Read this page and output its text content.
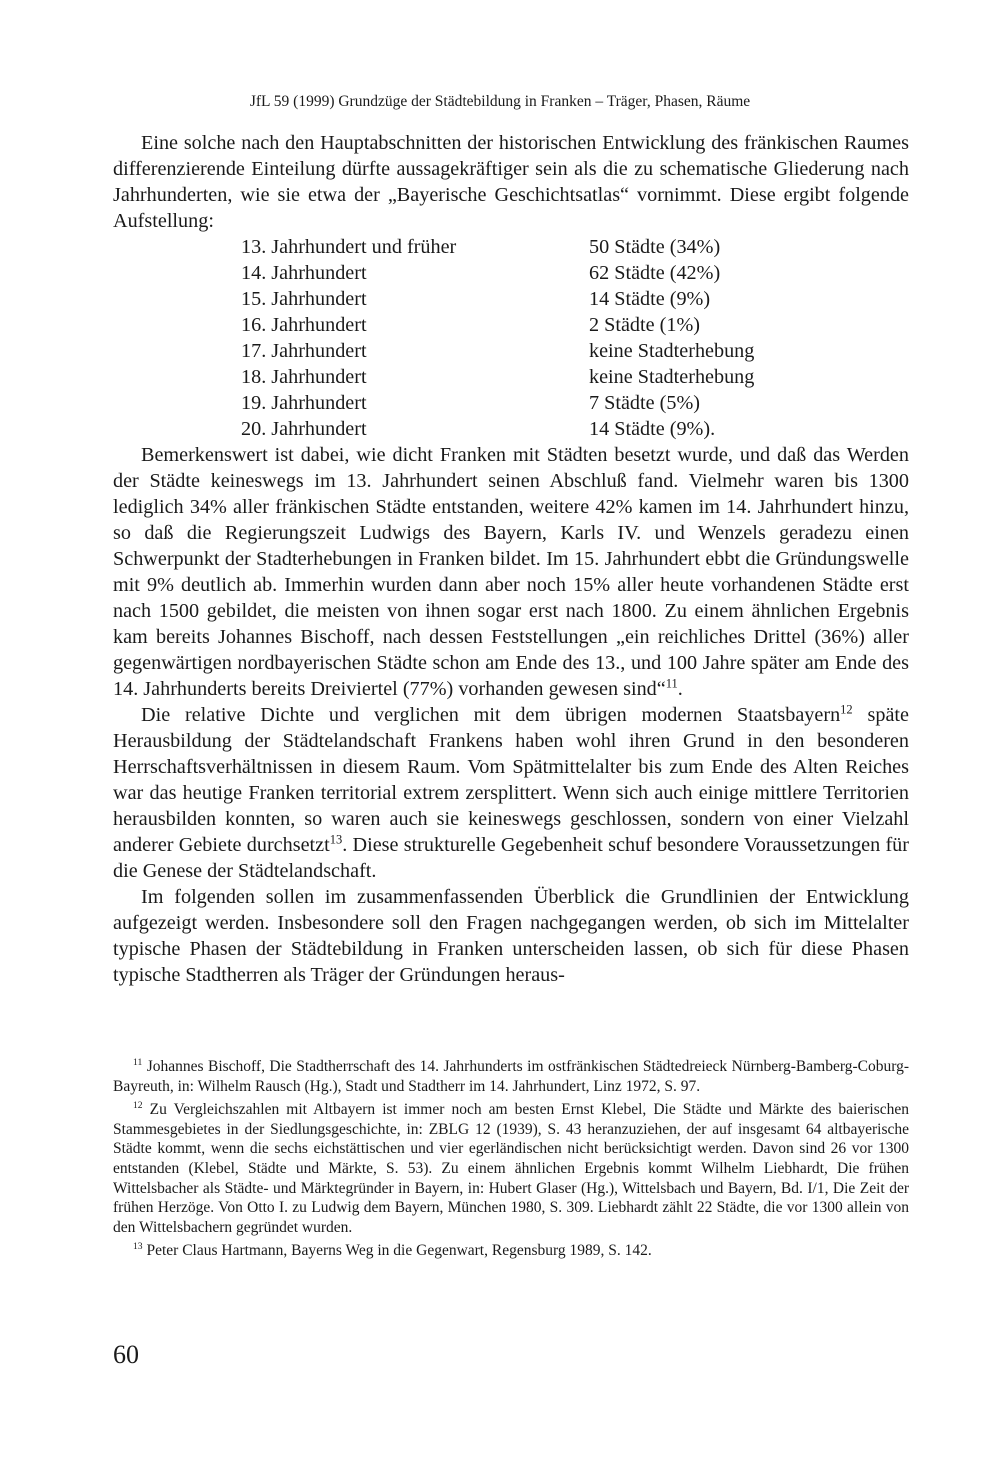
JfL 59 (1999) Grundzüge der Städtebildung in Franken – Träger, Phasen, Räume

Eine solche nach den Hauptabschnitten der historischen Entwicklung des fränkischen Raumes differenzierende Einteilung dürfte aussagekräftiger sein als die zu schematische Gliederung nach Jahrhunderten, wie sie etwa der „Bayerische Geschichtsatlas“ vornimmt. Diese ergibt folgende Aufstellung:

13. Jahrhundert und früher	50 Städte (34%)
14. Jahrhundert	62 Städte (42%)
15. Jahrhundert	14 Städte (9%)
16. Jahrhundert	2 Städte (1%)
17. Jahrhundert	keine Stadterhebung
18. Jahrhundert	keine Stadterhebung
19. Jahrhundert	7 Städte (5%)
20. Jahrhundert	14 Städte (9%).

Bemerkenswert ist dabei, wie dicht Franken mit Städten besetzt wurde, und daß das Werden der Städte keineswegs im 13. Jahrhundert seinen Abschluß fand. Vielmehr waren bis 1300 lediglich 34% aller fränkischen Städte entstanden, weitere 42% kamen im 14. Jahrhundert hinzu, so daß die Regierungszeit Ludwigs des Bayern, Karls IV. und Wenzels geradezu einen Schwerpunkt der Stadterhebungen in Franken bildet. Im 15. Jahrhundert ebbt die Gründungswelle mit 9% deutlich ab. Immerhin wurden dann aber noch 15% aller heute vorhandenen Städte erst nach 1500 gebildet, die meisten von ihnen sogar erst nach 1800. Zu einem ähnlichen Ergebnis kam bereits Johannes Bischoff, nach dessen Feststellungen „ein reichliches Drittel (36%) aller gegenwärtigen nordbayerischen Städte schon am Ende des 13., und 100 Jahre später am Ende des 14. Jahrhunderts bereits Dreiviertel (77%) vorhanden gewesen sind“$^{11}$.

Die relative Dichte und verglichen mit dem übrigen modernen Staatsbayern$^{12}$ späte Herausbildung der Städtelandschaft Frankens haben wohl ihren Grund in den besonderen Herrschaftsverhältnissen in diesem Raum. Vom Spätmittelalter bis zum Ende des Alten Reiches war das heutige Franken territorial extrem zersplittert. Wenn sich auch einige mittlere Territorien herausbilden konnten, so waren auch sie keineswegs geschlossen, sondern von einer Vielzahl anderer Gebiete durchsetzt$^{13}$. Diese strukturelle Gegebenheit schuf besondere Voraussetzungen für die Genese der Städtelandschaft.

Im folgenden sollen im zusammenfassenden Überblick die Grundlinien der Entwicklung aufgezeigt werden. Insbesondere soll den Fragen nachgegangen werden, ob sich im Mittelalter typische Phasen der Städtebildung in Franken unterscheiden lassen, ob sich für diese Phasen typische Stadtherren als Träger der Gründungen heraus-

$^{11}$ Johannes Bischoff, Die Stadtherrschaft des 14. Jahrhunderts im ostfränkischen Städtedreieck Nürnberg-Bamberg-Coburg-Bayreuth, in: Wilhelm Rausch (Hg.), Stadt und Stadtherr im 14. Jahrhundert, Linz 1972, S. 97.

$^{12}$ Zu Vergleichszahlen mit Altbayern ist immer noch am besten Ernst Klebel, Die Städte und Märkte des baierischen Stammesgebietes in der Siedlungsgeschichte, in: ZBLG 12 (1939), S. 43 heranzuziehen, der auf insgesamt 64 altbayerische Städte kommt, wenn die sechs eichstättischen und vier egerländischen nicht berücksichtigt werden. Davon sind 26 vor 1300 entstanden (Klebel, Städte und Märkte, S. 53). Zu einem ähnlichen Ergebnis kommt Wilhelm Liebhardt, Die frühen Wittelsbacher als Städte- und Märktegründer in Bayern, in: Hubert Glaser (Hg.), Wittelsbach und Bayern, Bd. I/1, Die Zeit der frühen Herzöge. Von Otto I. zu Ludwig dem Bayern, München 1980, S. 309. Liebhardt zählt 22 Städte, die vor 1300 allein von den Wittelsbachern gegründet wurden.

$^{13}$ Peter Claus Hartmann, Bayerns Weg in die Gegenwart, Regensburg 1989, S. 142.

60
